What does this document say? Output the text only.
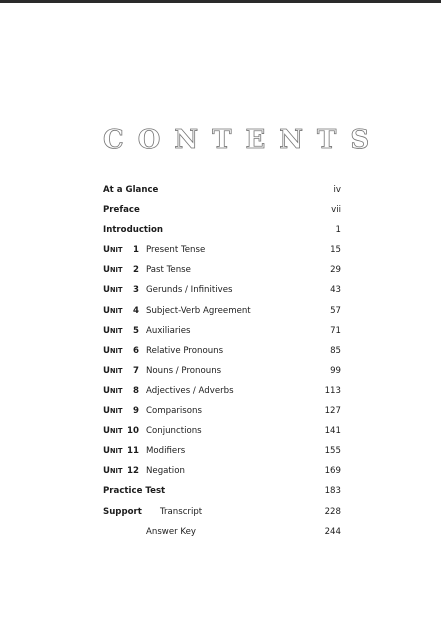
CONTENTS
At a Glance	iv
Preface	vii
Introduction	1
UNIT	1 Present Tense	15
UNIT	2 Past Tense	29
UNIT	3 Gerunds / Infinitives	43
UNIT	4 Subject-Verb Agreement	57
UNIT	5 Auxiliaries	71
UNIT	6 Relative Pronouns	85
UNIT	7 Nouns / Pronouns	99
UNIT	8 Adjectives / Adverbs	113
UNIT	9 Comparisons	127
UNIT 10 Conjunctions	141
UNIT 11 Modifiers	155
UNIT 12 Negation	169
Practice Test	183
Support Transcript	228
Answer Key	244
